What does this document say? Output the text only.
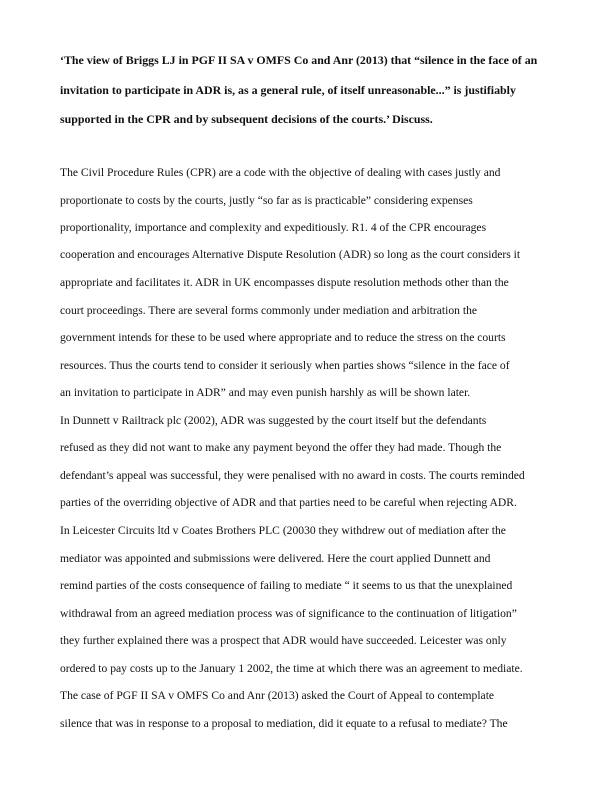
‘The view of Briggs LJ in PGF II SA v OMFS Co and Anr (2013) that “silence in the face of an
invitation to participate in ADR is, as a general rule, of itself unreasonable...” is justifiably
supported in the CPR and by subsequent decisions of the courts.’ Discuss.
The Civil Procedure Rules (CPR) are a code with the objective of dealing with cases justly and
proportionate to costs by the courts, justly “so far as is practicable” considering expenses
proportionality, importance and complexity and expeditiously. R1. 4 of the CPR encourages
cooperation and encourages Alternative Dispute Resolution (ADR) so long as the court considers it
appropriate and facilitates it. ADR in UK encompasses dispute resolution methods other than the
court proceedings. There are several forms commonly under mediation and arbitration the
government intends for these to be used where appropriate and to reduce the stress on the courts
resources. Thus the courts tend to consider it seriously when parties shows “silence in the face of
an invitation to participate in ADR” and may even punish harshly as will be shown later.
In Dunnett v Railtrack plc (2002), ADR was suggested by the court itself but the defendants
refused as they did not want to make any payment beyond the offer they had made. Though the
defendant’s appeal was successful, they were penalised with no award in costs. The courts reminded
parties of the overriding objective of ADR and that parties need to be careful when rejecting ADR.
In Leicester Circuits ltd v Coates Brothers PLC (20030 they withdrew out of mediation after the
mediator was appointed and submissions were delivered. Here the court applied Dunnett and
remind parties of the costs consequence of failing to mediate “ it seems to us that the unexplained
withdrawal from an agreed mediation process was of significance to the continuation of litigation”
they further explained there was a prospect that ADR would have succeeded. Leicester was only
ordered to pay costs up to the January 1 2002, the time at which there was an agreement to mediate.
The case of PGF II SA v OMFS Co and Anr (2013) asked the Court of Appeal to contemplate
silence that was in response to a proposal to mediation, did it equate to a refusal to mediate? The
